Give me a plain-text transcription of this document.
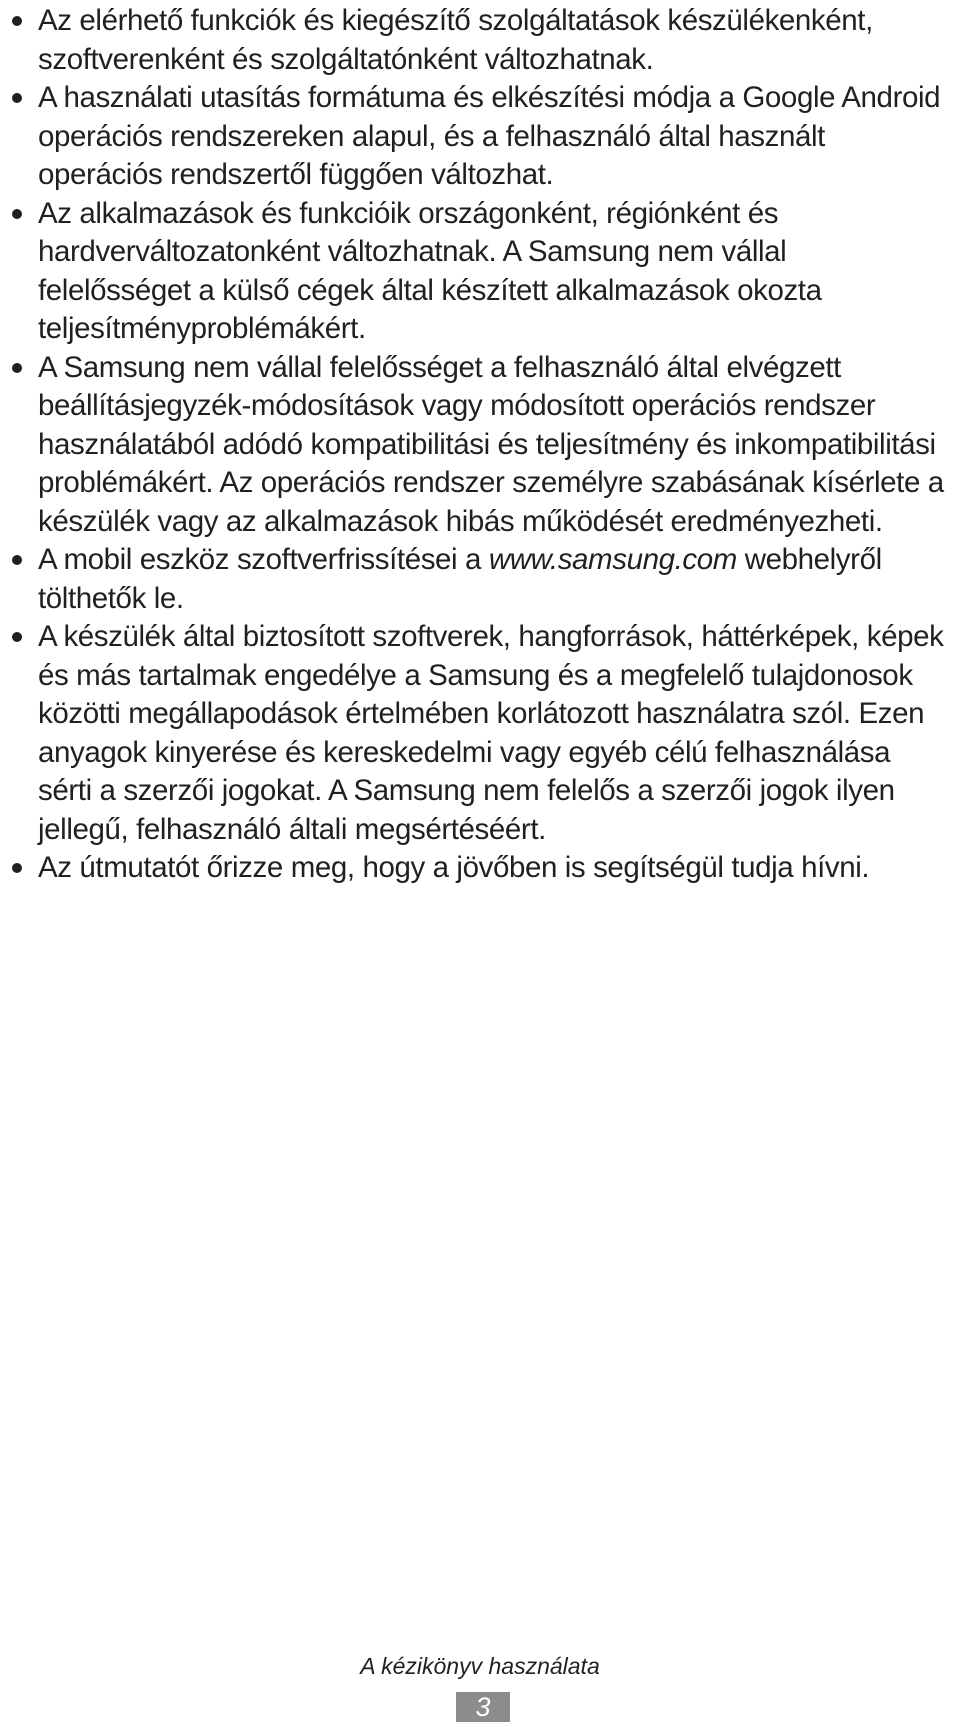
Az elérhető funkciók és kiegészítő szolgáltatások készülékenként, szoftverenként és szolgáltatónként változhatnak.
A használati utasítás formátuma és elkészítési módja a Google Android operációs rendszereken alapul, és a felhasználó által használt operációs rendszertől függően változhat.
Az alkalmazások és funkcióik országonként, régiónként és hardverváltozatonként változhatnak. A Samsung nem vállal felelősséget a külső cégek által készített alkalmazások okozta teljesítményproblémákért.
A Samsung nem vállal felelősséget a felhasználó által elvégzett beállításjegyzék-módosítások vagy módosított operációs rendszer használatából adódó kompatibilitási és teljesítmény és inkompatibilitási problémákért. Az operációs rendszer személyre szabásának kísérlete a készülék vagy az alkalmazások hibás működését eredményezheti.
A mobil eszköz szoftverfrissítései a www.samsung.com webhelyről tölthetők le.
A készülék által biztosított szoftverek, hangforrások, háttérképek, képek és más tartalmak engedélye a Samsung és a megfelelő tulajdonosok közötti megállapodások értelmében korlátozott használatra szól. Ezen anyagok kinyerése és kereskedelmi vagy egyéb célú felhasználása sérti a szerzői jogokat. A Samsung nem felelős a szerzői jogok ilyen jellegű, felhasználó általi megsértéséért.
Az útmutatót őrizze meg, hogy a jövőben is segítségül tudja hívni.
A kézikönyv használata
3
